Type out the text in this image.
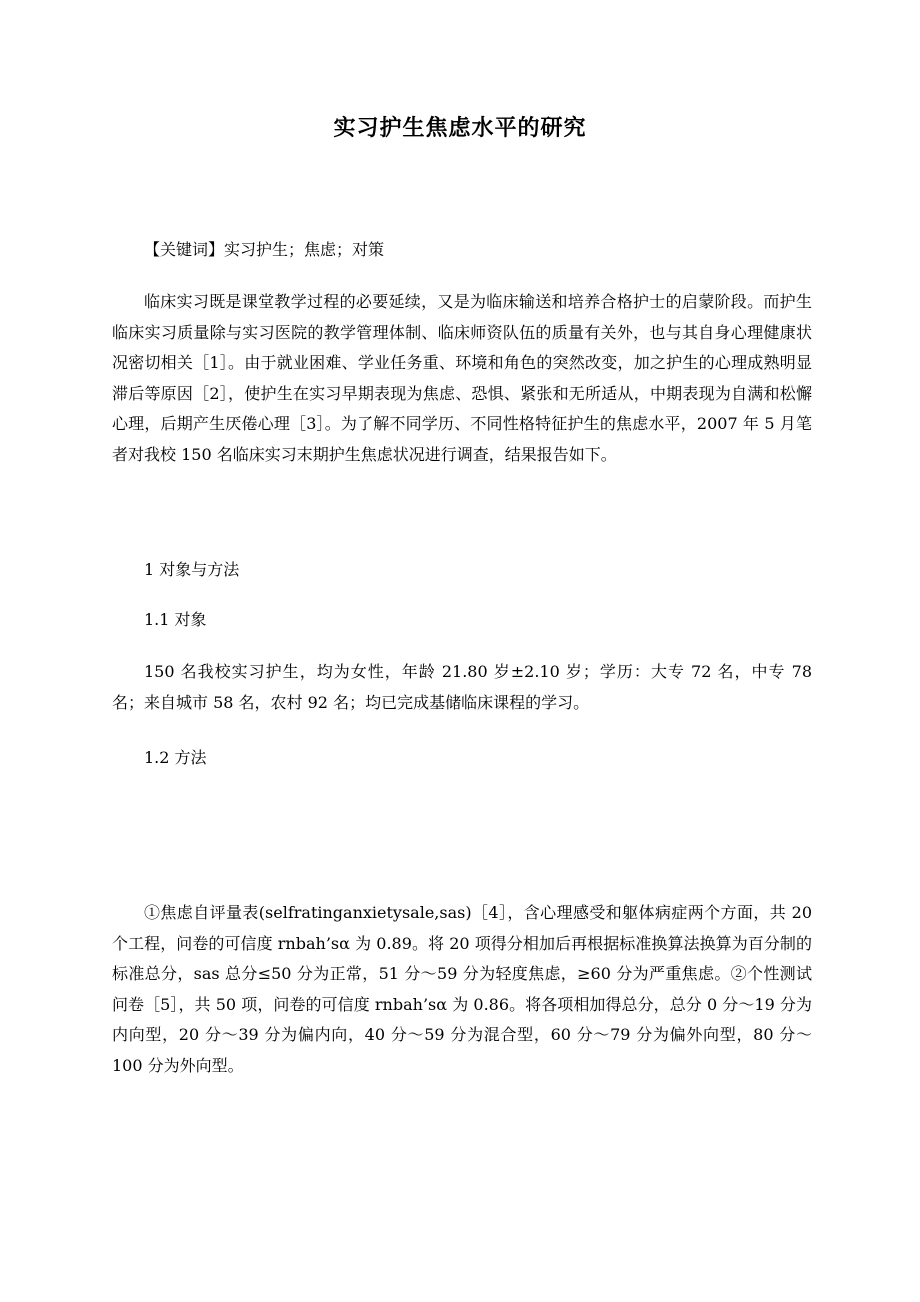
实习护生焦虑水平的研究

【关键词】实习护生；焦虑；对策

临床实习既是课堂教学过程的必要延续，又是为临床输送和培养合格护士的启蒙阶段。而护生临床实习质量除与实习医院的教学管理体制、临床师资队伍的质量有关外，也与其自身心理健康状况密切相关［1］。由于就业困难、学业任务重、环境和角色的突然改变，加之护生的心理成熟明显滞后等原因［2］，使护生在实习早期表现为焦虑、恐惧、紧张和无所适从，中期表现为自满和松懈心理，后期产生厌倦心理［3］。为了解不同学历、不同性格特征护生的焦虑水平，2007 年 5 月笔者对我校 150 名临床实习末期护生焦虑状况进行调查，结果报告如下。

1 对象与方法

1.1 对象

150 名我校实习护生，均为女性，年龄 21.80 岁±2.10 岁；学历：大专 72 名，中专 78 名；来自城市 58 名，农村 92 名；均已完成基储临床课程的学习。

1.2 方法

①焦虑自评量表(selfratinganxietysale,sas)［4］，含心理感受和躯体病症两个方面，共 20 个工程，问卷的可信度 rnbah’sα 为 0.89。将 20 项得分相加后再根据标准换算法换算为百分制的标准总分，sas 总分≤50 分为正常，51 分～59 分为轻度焦虑，≥60 分为严重焦虑。②个性测试问卷［5］，共 50 项，问卷的可信度 rnbah’sα 为 0.86。将各项相加得总分，总分 0 分～19 分为内向型，20 分～39 分为偏内向，40 分～59 分为混合型，60 分～79 分为偏外向型，80 分～100 分为外向型。
